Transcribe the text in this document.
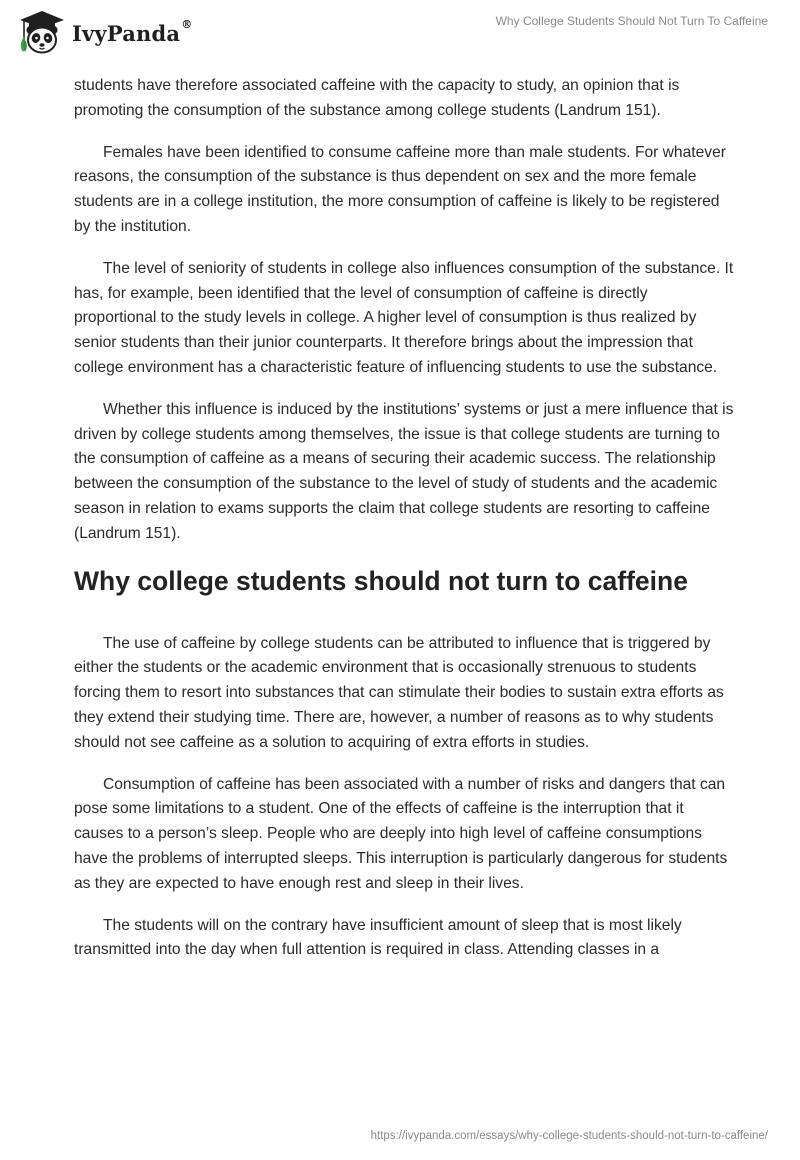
IvyPanda®	Why College Students Should Not Turn To Caffeine

students have therefore associated caffeine with the capacity to study, an opinion that is promoting the consumption of the substance among college students (Landrum 151).

Females have been identified to consume caffeine more than male students. For whatever reasons, the consumption of the substance is thus dependent on sex and the more female students are in a college institution, the more consumption of caffeine is likely to be registered by the institution.

The level of seniority of students in college also influences consumption of the substance. It has, for example, been identified that the level of consumption of caffeine is directly proportional to the study levels in college. A higher level of consumption is thus realized by senior students than their junior counterparts. It therefore brings about the impression that college environment has a characteristic feature of influencing students to use the substance.

Whether this influence is induced by the institutions’ systems or just a mere influence that is driven by college students among themselves, the issue is that college students are turning to the consumption of caffeine as a means of securing their academic success. The relationship between the consumption of the substance to the level of study of students and the academic season in relation to exams supports the claim that college students are resorting to caffeine (Landrum 151).

Why college students should not turn to caffeine

The use of caffeine by college students can be attributed to influence that is triggered by either the students or the academic environment that is occasionally strenuous to students forcing them to resort into substances that can stimulate their bodies to sustain extra efforts as they extend their studying time. There are, however, a number of reasons as to why students should not see caffeine as a solution to acquiring of extra efforts in studies.

Consumption of caffeine has been associated with a number of risks and dangers that can pose some limitations to a student. One of the effects of caffeine is the interruption that it causes to a person’s sleep. People who are deeply into high level of caffeine consumptions have the problems of interrupted sleeps. This interruption is particularly dangerous for students as they are expected to have enough rest and sleep in their lives.

The students will on the contrary have insufficient amount of sleep that is most likely transmitted into the day when full attention is required in class. Attending classes in a

https://ivypanda.com/essays/why-college-students-should-not-turn-to-caffeine/
